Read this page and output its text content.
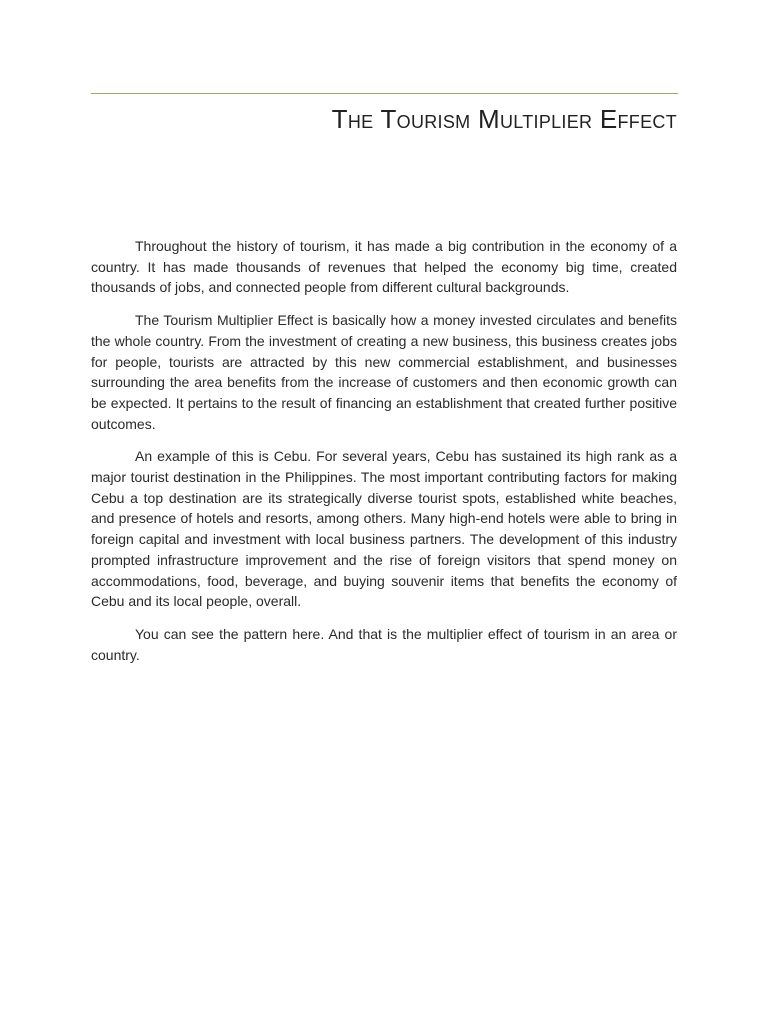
The Tourism Multiplier Effect

Throughout the history of tourism, it has made a big contribution in the economy of a country. It has made thousands of revenues that helped the economy big time, created thousands of jobs, and connected people from different cultural backgrounds.

The Tourism Multiplier Effect is basically how a money invested circulates and benefits the whole country. From the investment of creating a new business, this business creates jobs for people, tourists are attracted by this new commercial establishment, and businesses surrounding the area benefits from the increase of customers and then economic growth can be expected. It pertains to the result of financing an establishment that created further positive outcomes.

An example of this is Cebu. For several years, Cebu has sustained its high rank as a major tourist destination in the Philippines. The most important contributing factors for making Cebu a top destination are its strategically diverse tourist spots, established white beaches, and presence of hotels and resorts, among others. Many high-end hotels were able to bring in foreign capital and investment with local business partners. The development of this industry prompted infrastructure improvement and the rise of foreign visitors that spend money on accommodations, food, beverage, and buying souvenir items that benefits the economy of Cebu and its local people, overall.

You can see the pattern here. And that is the multiplier effect of tourism in an area or country.
